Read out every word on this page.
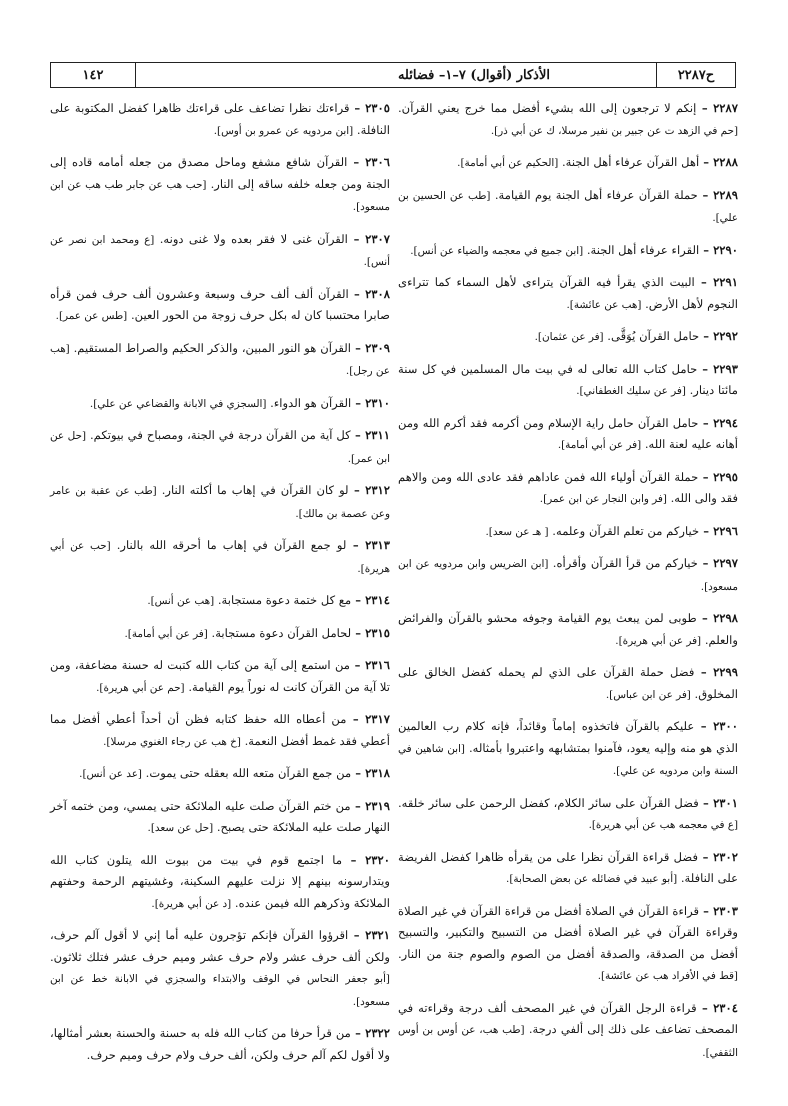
ح٢٢٨٧
الأذكار (أقوال) ٧–١– فضائله
١٤٢
٢٢٨٧ – إنكم لا ترجعون إلى الله بشيء أفضل مما خرج يعني القرآن. [حم في الزهد ت عن جبير بن نفير مرسلا، ك عن أبي ذر].
٢٢٨٨ – أهل القرآن عرفاء أهل الجنة. [الحكيم عن أبي أمامة].
٢٢٨٩ – حملة القرآن عرفاء أهل الجنة يوم القيامة. [طب عن الحسين بن علي].
٢٢٩٠ – القراء عرفاء أهل الجنة. [ابن جميع في معجمه والضياء عن أنس].
٢٢٩١ – البيت الذي يقرأ فيه القرآن يتراءى لأهل السماء كما تتراءى النجوم لأهل الأرض. [هب عن عائشة].
٢٢٩٢ – حامل القرآن يُوَقَّى. [فر عن عثمان].
٢٢٩٣ – حامل كتاب الله تعالى له في بيت مال المسلمين في كل سنة مائتا دينار. [فر عن سليك الغطفاني].
٢٢٩٤ – حامل القرآن حامل راية الإسلام ومن أكرمه فقد أكرم الله ومن أهانه عليه لعنة الله. [فر عن أبي أمامة].
٢٢٩٥ – حملة القرآن أولياء الله فمن عاداهم فقد عادى الله ومن والاهم فقد والى الله. [فر وابن النجار عن ابن عمر].
٢٢٩٦ – خياركم من تعلم القرآن وعلمه. [ هـ عن سعد].
٢٢٩٧ – خياركم من قرأ القرآن وأقرأه. [ابن الضريس وابن مردويه عن ابن مسعود].
٢٢٩٨ – طوبى لمن يبعث يوم القيامة وجوفه محشو بالقرآن والفرائض والعلم. [فر عن أبي هريرة].
٢٢٩٩ – فضل حملة القرآن على الذي لم يحمله كفضل الخالق على المخلوق. [فر عن ابن عباس].
٢٣٠٠ – عليكم بالقرآن فاتخذوه إماماً وقائداً، فإنه كلام رب العالمين الذي هو منه وإليه يعود، فآمنوا بمتشابهه واعتبروا بأمثاله. [ابن شاهين في السنة وابن مردويه عن علي].
٢٣٠١ – فضل القرآن على سائر الكلام، كفضل الرحمن على سائر خلقه. [ع في معجمه هب عن أبي هريرة].
٢٣٠٢ – فضل قراءة القرآن نظرا على من يقرأه ظاهرا كفضل الفريضة على النافلة. [أبو عبيد في فضائله عن بعض الصحابة].
٢٣٠٣ – قراءة القرآن في الصلاة أفضل من قراءة القرآن في غير الصلاة وقراءة القرآن في غير الصلاة أفضل من التسبيح والتكبير، والتسبيح أفضل من الصدقة، والصدقة أفضل من الصوم والصوم جنة من النار. [قط في الأفراد هب عن عائشة].
٢٣٠٤ – قراءة الرجل القرآن في غير المصحف ألف درجة وقراءته في المصحف تضاعف على ذلك إلى ألفي درجة. [طب هب، عن أوس بن أوس الثقفي].
٢٣٠٥ – قراءتك نظرا تضاعف على قراءتك ظاهرا كفضل المكتوبة على النافلة. [ابن مردويه عن عمرو بن أوس].
٢٣٠٦ – القرآن شافع مشفع وماحل مصدق من جعله أمامه قاده إلى الجنة ومن جعله خلفه ساقه إلى النار. [حب هب عن جابر طب هب عن ابن مسعود].
٢٣٠٧ – القرآن غنى لا فقر بعده ولا غنى دونه. [ع ومحمد ابن نصر عن أنس].
٢٣٠٨ – القرآن ألف ألف حرف وسبعة وعشرون ألف حرف فمن قرأه صابرا محتسبا كان له بكل حرف زوجة من الحور العين. [طس عن عمر].
٢٣٠٩ – القرآن هو النور المبين، والذكر الحكيم والصراط المستقيم. [هب عن رجل].
٢٣١٠ – القرآن هو الدواء. [السجزي في الابانة والقضاعي عن علي].
٢٣١١ – كل آية من القرآن درجة في الجنة، ومصباح في بيوتكم. [حل عن ابن عمر].
٢٣١٢ – لو كان القرآن في إهاب ما أكلته النار. [طب عن عقبة بن عامر وعن عصمة بن مالك].
٢٣١٣ – لو جمع القرآن في إهاب ما أحرقه الله بالنار. [حب عن أبي هريرة].
٢٣١٤ – مع كل ختمة دعوة مستجابة. [هب عن أنس].
٢٣١٥ – لحامل القرآن دعوة مستجابة. [فر عن أبي أمامة].
٢٣١٦ – من استمع إلى آية من كتاب الله كتبت له حسنة مضاعفة، ومن تلا آية من القرآن كانت له نوراً يوم القيامة. [حم عن أبي هريرة].
٢٣١٧ – من أعطاه الله حفظ كتابه فظن أن أحداً أعطي أفضل مما أعطي فقد غمط أفضل النعمة. [خ هب عن رجاء الغنوي مرسلا].
٢٣١٨ – من جمع القرآن متعه الله بعقله حتى يموت. [عد عن أنس].
٢٣١٩ – من ختم القرآن صلت عليه الملائكة حتى يمسي، ومن ختمه آخر النهار صلت عليه الملائكة حتى يصبح. [حل عن سعد].
٢٣٢٠ – ما اجتمع قوم في بيت من بيوت الله يتلون كتاب الله ويتدارسونه بينهم إلا نزلت عليهم السكينة، وغشيتهم الرحمة وحفتهم الملائكة وذكرهم الله فيمن عنده. [د عن أبي هريرة].
٢٣٢١ – اقرؤوا القرآن فإنكم تؤجرون عليه أما إني لا أقول آلم حرف، ولكن ألف حرف عشر ولام حرف عشر وميم حرف عشر فتلك ثلاثون. [أبو جعفر النحاس في الوقف والابتداء والسجزي في الابانة خط عن ابن مسعود].
٢٣٢٢ – من قرأ حرفا من كتاب الله فله به حسنة والحسنة بعشر أمثالها، ولا أقول لكم آلم حرف ولكن، ألف حرف ولام حرف وميم حرف.
